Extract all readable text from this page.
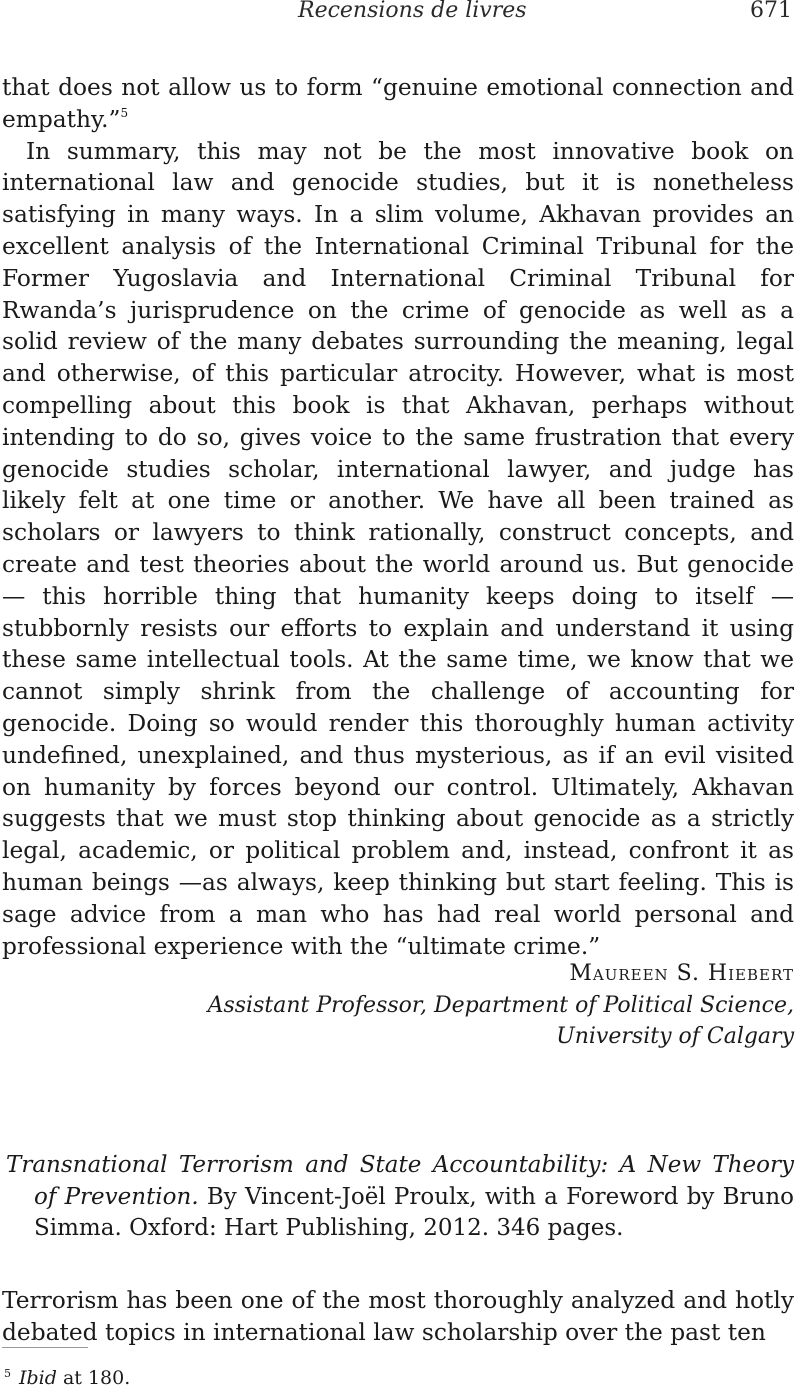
Recensions de livres	671

that does not allow us to form “genuine emotional connection and empathy.”$^5$

In summary, this may not be the most innovative book on international law and genocide studies, but it is nonetheless satisfying in many ways. In a slim volume, Akhavan provides an excellent analysis of the International Criminal Tribunal for the Former Yugoslavia and International Criminal Tribunal for Rwanda’s jurisprudence on the crime of genocide as well as a solid review of the many debates surrounding the meaning, legal and otherwise, of this particular atrocity. However, what is most compelling about this book is that Akhavan, perhaps without intending to do so, gives voice to the same frustration that every genocide studies scholar, international lawyer, and judge has likely felt at one time or another. We have all been trained as scholars or lawyers to think rationally, construct concepts, and create and test theories about the world around us. But genocide — this horrible thing that humanity keeps doing to itself — stubbornly resists our efforts to explain and understand it using these same intellectual tools. At the same time, we know that we cannot simply shrink from the challenge of accounting for genocide. Doing so would render this thoroughly human activity undefined, unexplained, and thus mysterious, as if an evil visited on humanity by forces beyond our control. Ultimately, Akhavan suggests that we must stop thinking about genocide as a strictly legal, academic, or political problem and, instead, confront it as human beings —as always, keep thinking but start feeling. This is sage advice from a man who has had real world personal and professional experience with the “ultimate crime.”

Maureen S. Hiebert
Assistant Professor, Department of Political Science,
University of Calgary
Transnational Terrorism and State Accountability: A New Theory of Prevention. By Vincent-Joël Proulx, with a Foreword by Bruno Simma. Oxford: Hart Publishing, 2012. 346 pages.

Terrorism has been one of the most thoroughly analyzed and hotly debated topics in international law scholarship over the past ten

$^5$ Ibid at 180.
